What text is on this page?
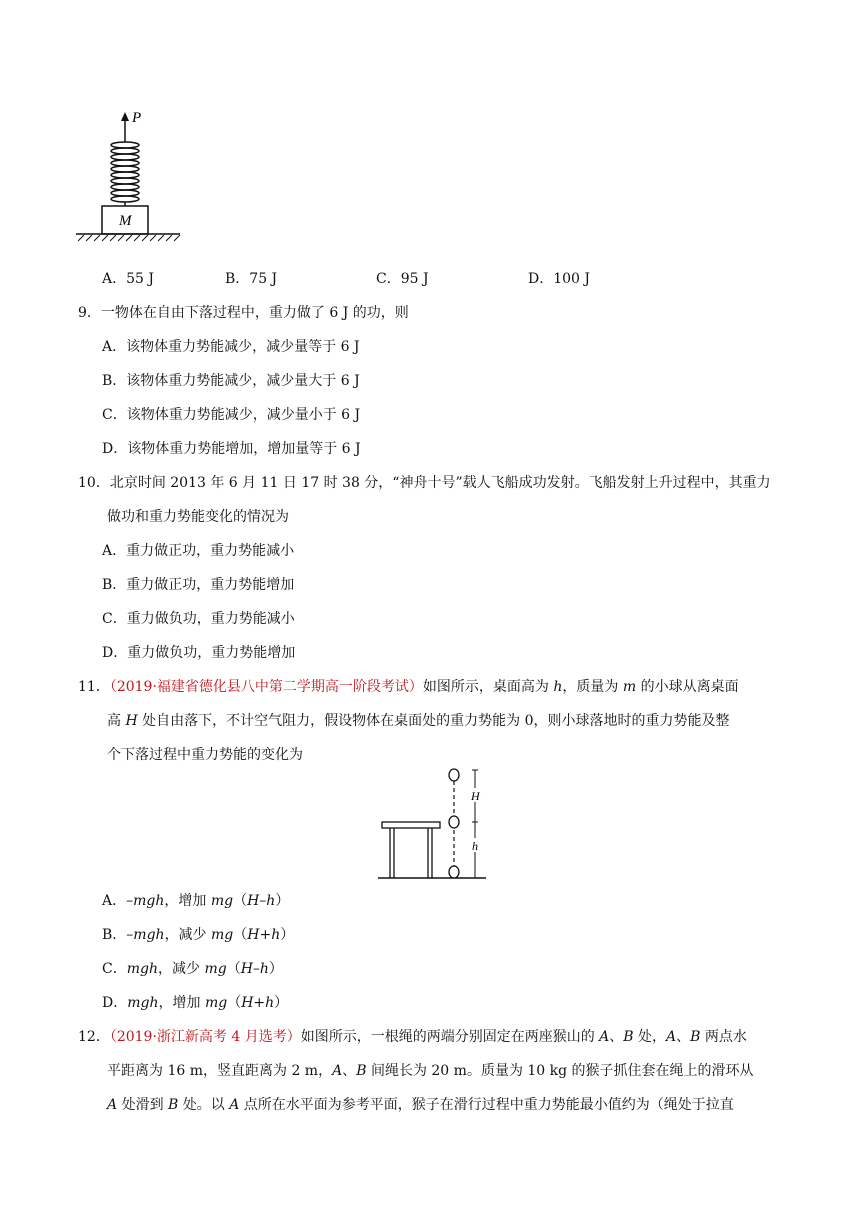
P
M
A．55 J	B．75 J	C．95 J	D．100 J
9．一物体在自由下落过程中，重力做了 6 J 的功，则
A．该物体重力势能减少，减少量等于 6 J
B．该物体重力势能减少，减少量大于 6 J
C．该物体重力势能减少，减少量小于 6 J
D．该物体重力势能增加，增加量等于 6 J
10．北京时间 2013 年 6 月 11 日 17 时 38 分，“神舟十号”载人飞船成功发射。飞船发射上升过程中，其重力
做功和重力势能变化的情况为
A．重力做正功，重力势能减小
B．重力做正功，重力势能增加
C．重力做负功，重力势能减小
D．重力做负功，重力势能增加
11．（2019·福建省德化县八中第二学期高一阶段考试）如图所示，桌面高为 h，质量为 m 的小球从离桌面
高 H 处自由落下，不计空气阻力，假设物体在桌面处的重力势能为 0，则小球落地时的重力势能及整
个下落过程中重力势能的变化为
H
h
A．–mgh，增加 mg（H–h）
B．–mgh，减少 mg（H+h）
C．mgh，减少 mg（H–h）
D．mgh，增加 mg（H+h）
12．（2019·浙江新高考 4 月选考）如图所示，一根绳的两端分别固定在两座猴山的 A、B 处，A、B 两点水
平距离为 16 m，竖直距离为 2 m，A、B 间绳长为 20 m。质量为 10 kg 的猴子抓住套在绳上的滑环从
A 处滑到 B 处。以 A 点所在水平面为参考平面，猴子在滑行过程中重力势能最小值约为（绳处于拉直
